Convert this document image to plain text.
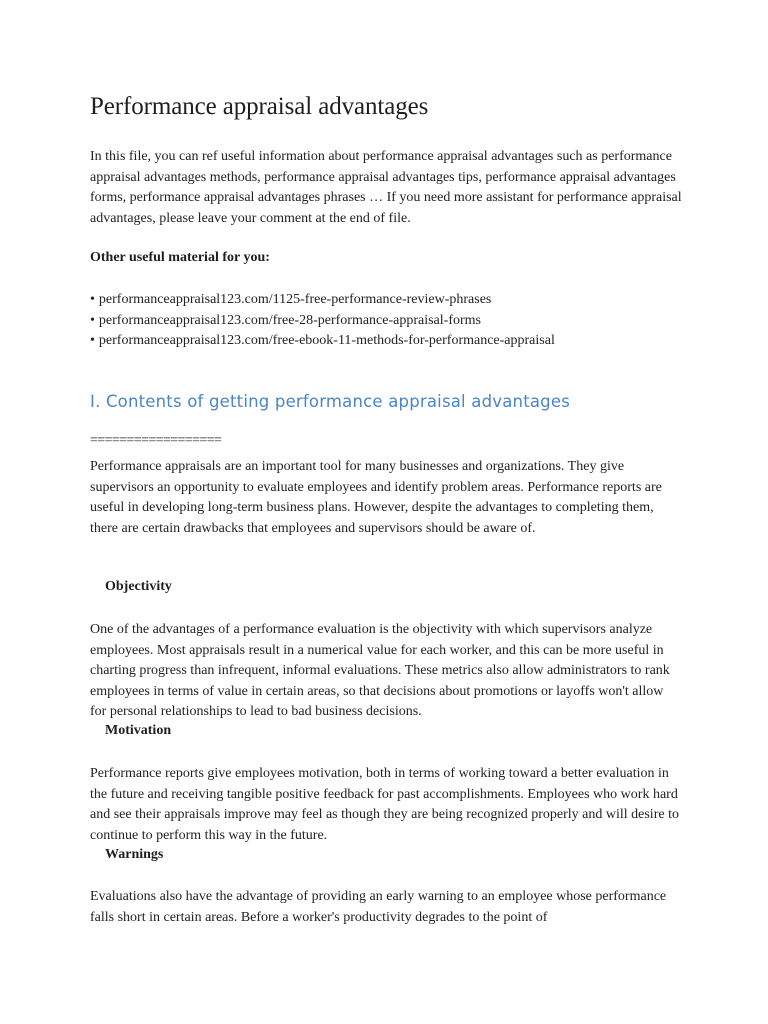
Performance appraisal advantages

In this file, you can ref useful information about performance appraisal advantages such as performance appraisal advantages methods, performance appraisal advantages tips, performance appraisal advantages forms, performance appraisal advantages phrases … If you need more assistant for performance appraisal advantages, please leave your comment at the end of file.

Other useful material for you:

• performanceappraisal123.com/1125-free-performance-review-phrases
• performanceappraisal123.com/free-28-performance-appraisal-forms
• performanceappraisal123.com/free-ebook-11-methods-for-performance-appraisal
I. Contents of getting performance appraisal advantages

==================

Performance appraisals are an important tool for many businesses and organizations. They give supervisors an opportunity to evaluate employees and identify problem areas. Performance reports are useful in developing long-term business plans. However, despite the advantages to completing them, there are certain drawbacks that employees and supervisors should be aware of.

Objectivity

One of the advantages of a performance evaluation is the objectivity with which supervisors analyze employees. Most appraisals result in a numerical value for each worker, and this can be more useful in charting progress than infrequent, informal evaluations. These metrics also allow administrators to rank employees in terms of value in certain areas, so that decisions about promotions or layoffs won't allow for personal relationships to lead to bad business decisions.

Motivation

Performance reports give employees motivation, both in terms of working toward a better evaluation in the future and receiving tangible positive feedback for past accomplishments. Employees who work hard and see their appraisals improve may feel as though they are being recognized properly and will desire to continue to perform this way in the future.

Warnings

Evaluations also have the advantage of providing an early warning to an employee whose performance falls short in certain areas. Before a worker's productivity degrades to the point of
